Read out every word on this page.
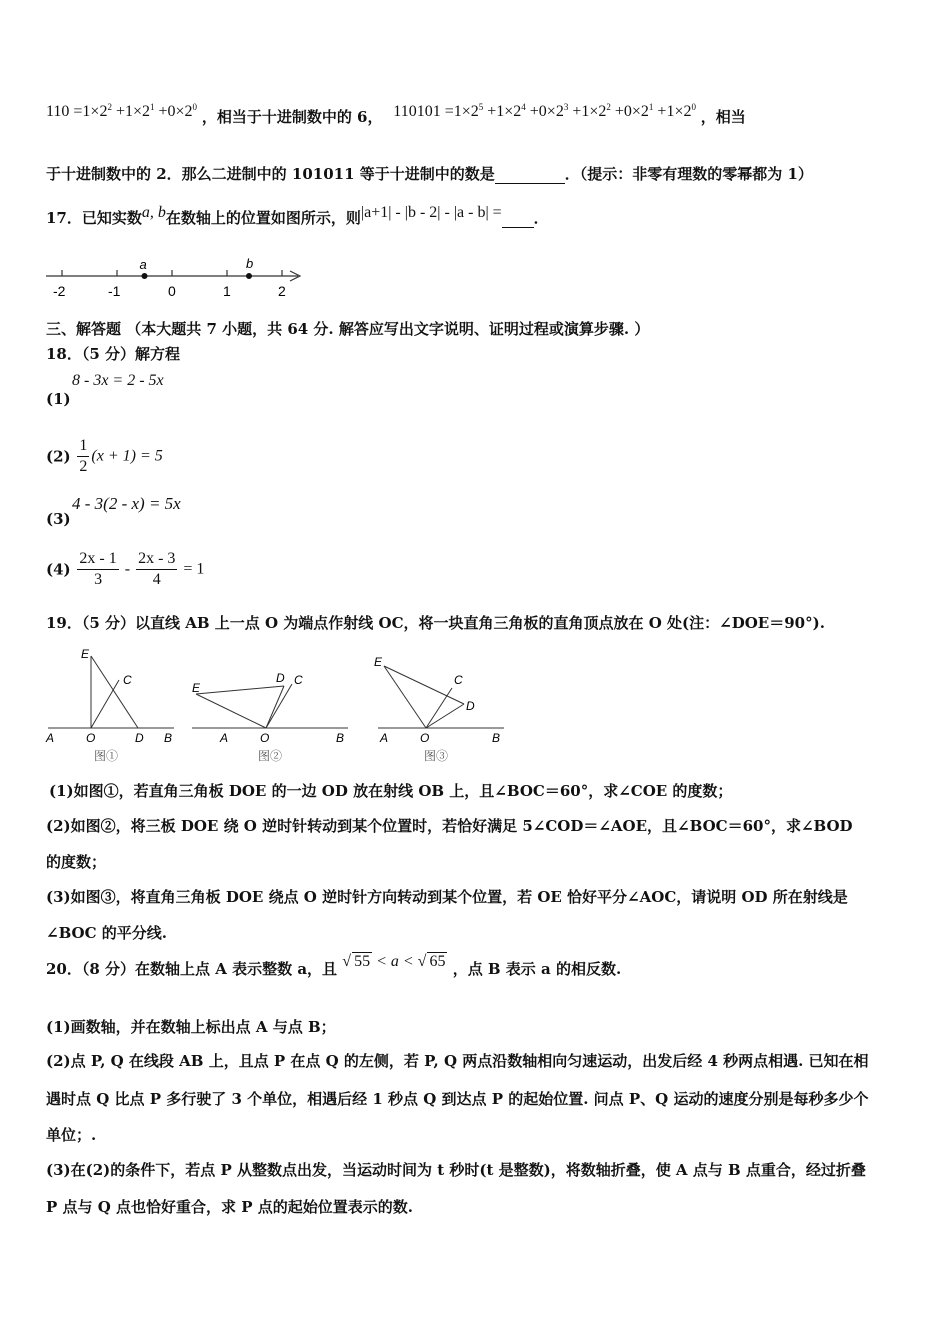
$110 =1\times 2^2 +1\times 2^1 +0\times 2^0$ ，相当于十进制数中的 6， $110101 =1\times 2^5 +1\times 2^4 +0\times 2^3 +1\times 2^2 +0\times 2^1 +1\times 2^0$ ，相当
于十进制数中的 2．那么二进制中的 101011 等于十进制中的数是	．（提示：非零有理数的零幂都为 1）
17．已知实数a, b在数轴上的位置如图所示，则|a+1| - |b - 2| - |a - b| = ．
-2	-1	0	1	2
a	b
三、解答题 （本大题共 7 小题，共 64 分. 解答应写出文字说明、证明过程或演算步骤. ）
18．（5 分）解方程
(1)
8 - 3x = 2 - 5x
$(2) \frac{1}{2} (x + 1) = 5$
(3)
4 - 3(2 - x) = 5x
$(4) \frac{2x - 1}{3} - \frac{2x - 3}{4} = 1$
19．（5 分）以直线 AB 上一点 O 为端点作射线 OC，将一块直角三角板的直角顶点放在 O 处(注：∠DOE＝90°).
E
C
A	O	D B
图①
E
D C
A	O	B
图②
E
C
D
A	O	B
图③
(1)如图①，若直角三角板 DOE 的一边 OD 放在射线 OB 上，且∠BOC＝60°，求∠COE 的度数；
(2)如图②，将三板 DOE 绕 O 逆时针转动到某个位置时，若恰好满足 5∠COD＝∠AOE，且∠BOC＝60°，求∠BOD
的度数；
(3)如图③，将直角三角板 DOE 绕点 O 逆时针方向转动到某个位置，若 OE 恰好平分∠AOC，请说明 OD 所在射线是
∠BOC 的平分线.
20．（8 分）在数轴上点 A 表示整数 a，且 √ 55 < a < √ 65 ，点 B 表示 a 的相反数.
(1)画数轴，并在数轴上标出点 A 与点 B；
(2)点 P, Q 在线段 AB 上，且点 P 在点 Q 的左侧，若 P, Q 两点沿数轴相向匀速运动，出发后经 4 秒两点相遇. 已知在相
遇时点 Q 比点 P 多行驶了 3 个单位，相遇后经 1 秒点 Q 到达点 P 的起始位置. 问点 P、Q 运动的速度分别是每秒多少个
单位；.
(3)在(2)的条件下，若点 P 从整数点出发，当运动时间为 t 秒时(t 是整数)，将数轴折叠，使 A 点与 B 点重合，经过折叠
P 点与 Q 点也恰好重合，求 P 点的起始位置表示的数.
